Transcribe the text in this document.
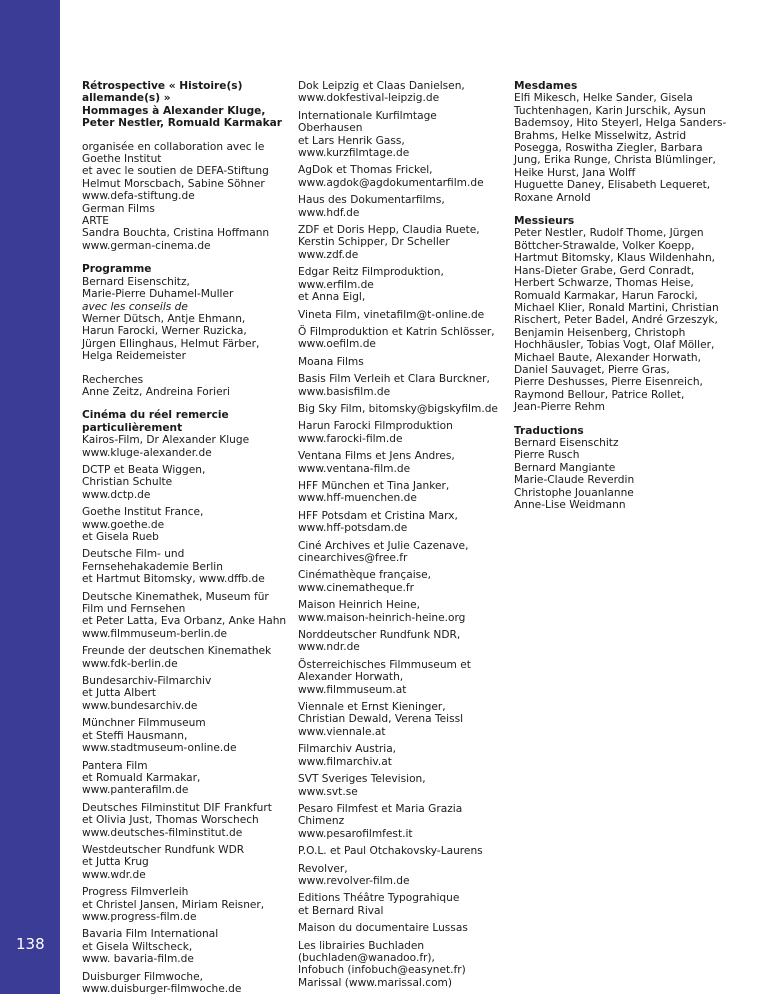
138
Rétrospective « Histoire(s)
allemande(s) »
Hommages à Alexander Kluge,
Peter Nestler, Romuald Karmakar
organisée en collaboration avec le
Goethe Institut
et avec le soutien de DEFA-Stiftung
Helmut Morscbach, Sabine Söhner
www.defa-stiftung.de
German Films
ARTE
Sandra Bouchta, Cristina Hoffmann
www.german-cinema.de
Programme
Bernard Eisenschitz,
Marie-Pierre Duhamel-Muller
avec les conseils de
Werner Dütsch, Antje Ehmann,
Harun Farocki, Werner Ruzicka,
Jürgen Ellinghaus, Helmut Färber,
Helga Reidemeister
Recherches
Anne Zeitz, Andreina Forieri
Cinéma du réel remercie
particulièrement
Kairos-Film, Dr Alexander Kluge
www.kluge-alexander.de
DCTP et Beata Wiggen,
Christian Schulte
www.dctp.de
Goethe Institut France,
www.goethe.de
et Gisela Rueb
Deutsche Film- und
Fernsehehakademie Berlin
et Hartmut Bitomsky, www.dffb.de
Deutsche Kinemathek, Museum für
Film und Fernsehen
et Peter Latta, Eva Orbanz, Anke Hahn
www.filmmuseum-berlin.de
Freunde der deutschen Kinemathek
www.fdk-berlin.de
Bundesarchiv-Filmarchiv
et Jutta Albert
www.bundesarchiv.de
Münchner Filmmuseum
et Steffi Hausmann,
www.stadtmuseum-online.de
Pantera Film
et Romuald Karmakar,
www.panterafilm.de
Deutsches Filminstitut DIF Frankfurt
et Olivia Just, Thomas Worschech
www.deutsches-filminstitut.de
Westdeutscher Rundfunk WDR
et Jutta Krug
www.wdr.de
Progress Filmverleih
et Christel Jansen, Miriam Reisner,
www.progress-film.de
Bavaria Film International
et Gisela Wiltscheck,
www. bavaria-film.de
Duisburger Filmwoche,
www.duisburger-filmwoche.de
Dok Leipzig et Claas Danielsen,
www.dokfestival-leipzig.de
Internationale Kurfilmtage
Oberhausen
et Lars Henrik Gass,
www.kurzfilmtage.de
AgDok et Thomas Frickel,
www.agdok@agdokumentarfilm.de
Haus des Dokumentarfilms,
www.hdf.de
ZDF et Doris Hepp, Claudia Ruete,
Kerstin Schipper, Dr Scheller
www.zdf.de
Edgar Reitz Filmproduktion,
www.erfilm.de
et Anna Eigl,
Vineta Film, vinetafilm@t-online.de
Ö Filmproduktion et Katrin Schlösser,
www.oefilm.de
Moana Films
Basis Film Verleih et Clara Burckner,
www.basisfilm.de
Big Sky Film, bitomsky@bigskyfilm.de
Harun Farocki Filmproduktion
www.farocki-film.de
Ventana Films et Jens Andres,
www.ventana-film.de
HFF München et Tina Janker,
www.hff-muenchen.de
HFF Potsdam et Cristina Marx,
www.hff-potsdam.de
Ciné Archives et Julie Cazenave,
cinearchives@free.fr
Cinémathèque française,
www.cinematheque.fr
Maison Heinrich Heine,
www.maison-heinrich-heine.org
Norddeutscher Rundfunk NDR,
www.ndr.de
Österreichisches Filmmuseum et
Alexander Horwath,
www.filmmuseum.at
Viennale et Ernst Kieninger,
Christian Dewald, Verena Teissl
www.viennale.at
Filmarchiv Austria,
www.filmarchiv.at
SVT Sveriges Television,
www.svt.se
Pesaro Filmfest et Maria Grazia
Chimenz
www.pesarofilmfest.it
P.O.L. et Paul Otchakovsky-Laurens
Revolver,
www.revolver-film.de
Editions Théâtre Typograhique
et Bernard Rival
Maison du documentaire Lussas
Les librairies Buchladen
(buchladen@wanadoo.fr),
Infobuch (infobuch@easynet.fr)
Marissal (www.marissal.com)
Mesdames
Elfi Mikesch, Helke Sander, Gisela
Tuchtenhagen, Karin Jurschik, Aysun
Bademsoy, Hito Steyerl, Helga Sanders-
Brahms, Helke Misselwitz, Astrid
Posegga, Roswitha Ziegler, Barbara
Jung, Erika Runge, Christa Blümlinger,
Heike Hurst, Jana Wolff
Huguette Daney, Elisabeth Lequeret,
Roxane Arnold
Messieurs
Peter Nestler, Rudolf Thome, Jürgen
Böttcher-Strawalde, Volker Koepp,
Hartmut Bitomsky, Klaus Wildenhahn,
Hans-Dieter Grabe, Gerd Conradt,
Herbert Schwarze, Thomas Heise,
Romuald Karmakar, Harun Farocki,
Michael Klier, Ronald Martini, Christian
Rischert, Peter Badel, André Grzeszyk,
Benjamin Heisenberg, Christoph
Hochhäusler, Tobias Vogt, Olaf Möller,
Michael Baute, Alexander Horwath,
Daniel Sauvaget, Pierre Gras,
Pierre Deshusses, Pierre Eisenreich,
Raymond Bellour, Patrice Rollet,
Jean-Pierre Rehm
Traductions
Bernard Eisenschitz
Pierre Rusch
Bernard Mangiante
Marie-Claude Reverdin
Christophe Jouanlanne
Anne-Lise Weidmann
